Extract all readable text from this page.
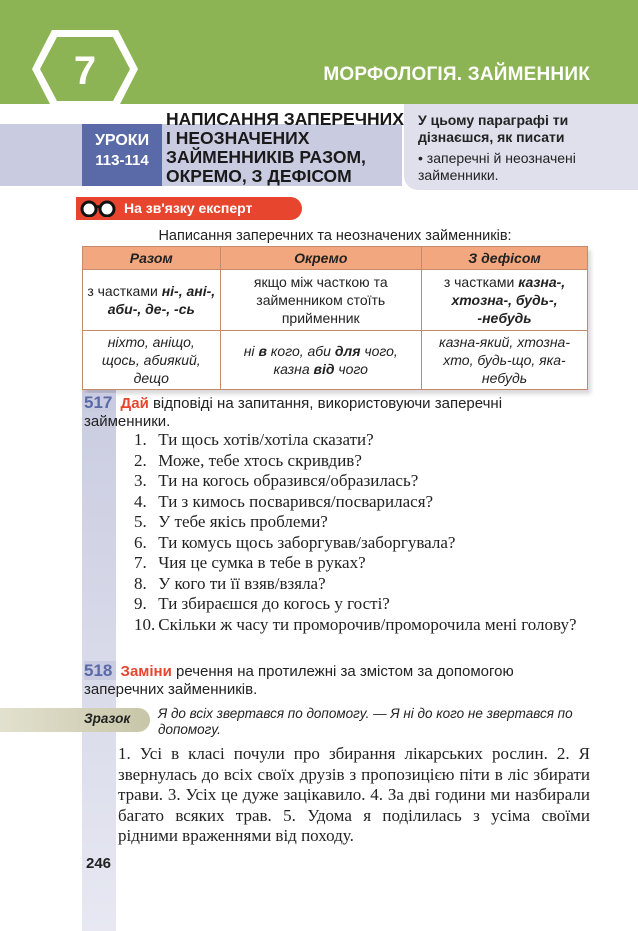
7	МОРФОЛОГІЯ. ЗАЙМЕННИК
УРОКИ
113-114
НАПИСАННЯ ЗАПЕРЕЧНИХ І НЕОЗНАЧЕНИХ ЗАЙМЕННИКІВ РАЗОМ, ОКРЕМО, З ДЕФІСОМ
У цьому параграфі ти дізнаєшся, як писати
• заперечні й неозначені займенники.
На зв'язку експерт
Написання заперечних та неозначених займенників:
Разом	Окремо	З дефісом
з частками ні-, ані-, аби-, де-, -сь	якщо між часткою та займенником стоїть прийменник	з частками казна-, хтозна-, будь-, -небудь
ніхто, аніщо, щось, абиякий, дещо	ні в кого, аби для чого, казна від чого	казна-який, хтозна-хто, будь-що, яка-небудь
517 Дай відповіді на запитання, використовуючи заперечні займенники.
1. Ти щось хотів/хотіла сказати?
2. Може, тебе хтось скривдив?
3. Ти на когось образився/образилась?
4. Ти з кимось посварився/посварилася?
5. У тебе якісь проблеми?
6. Ти комусь щось заборгував/заборгувала?
7. Чия це сумка в тебе в руках?
8. У кого ти її взяв/взяла?
9. Ти збираєшся до когось у гості?
10. Скільки ж часу ти проморочив/проморочила мені голову?
518 Заміни речення на протилежні за змістом за допомогою заперечних займенників.
Зразок Я до всіх звертався по допомогу. — Я ні до кого не звертався по допомогу.
1. Усі в класі почули про збирання лікарських рослин. 2. Я звернулась до всіх своїх друзів з пропозицією піти в ліс збирати трави. 3. Усіх це дуже зацікавило. 4. За дві години ми назбирали багато всяких трав. 5. Удома я поділилась з усіма своїми рідними враженнями від походу.
246
